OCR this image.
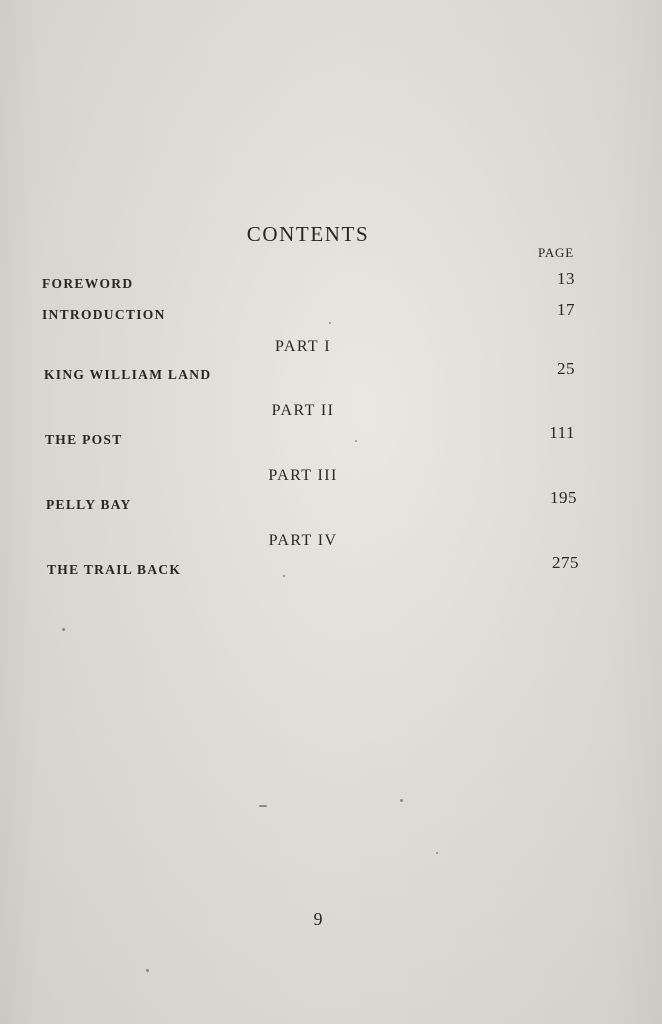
CONTENTS
PAGE
FOREWORD	13
INTRODUCTION	17
PART I
KING WILLIAM LAND	25
PART II
THE POST	111
PART III
PELLY BAY	195
PART IV
THE TRAIL BACK	275
9
